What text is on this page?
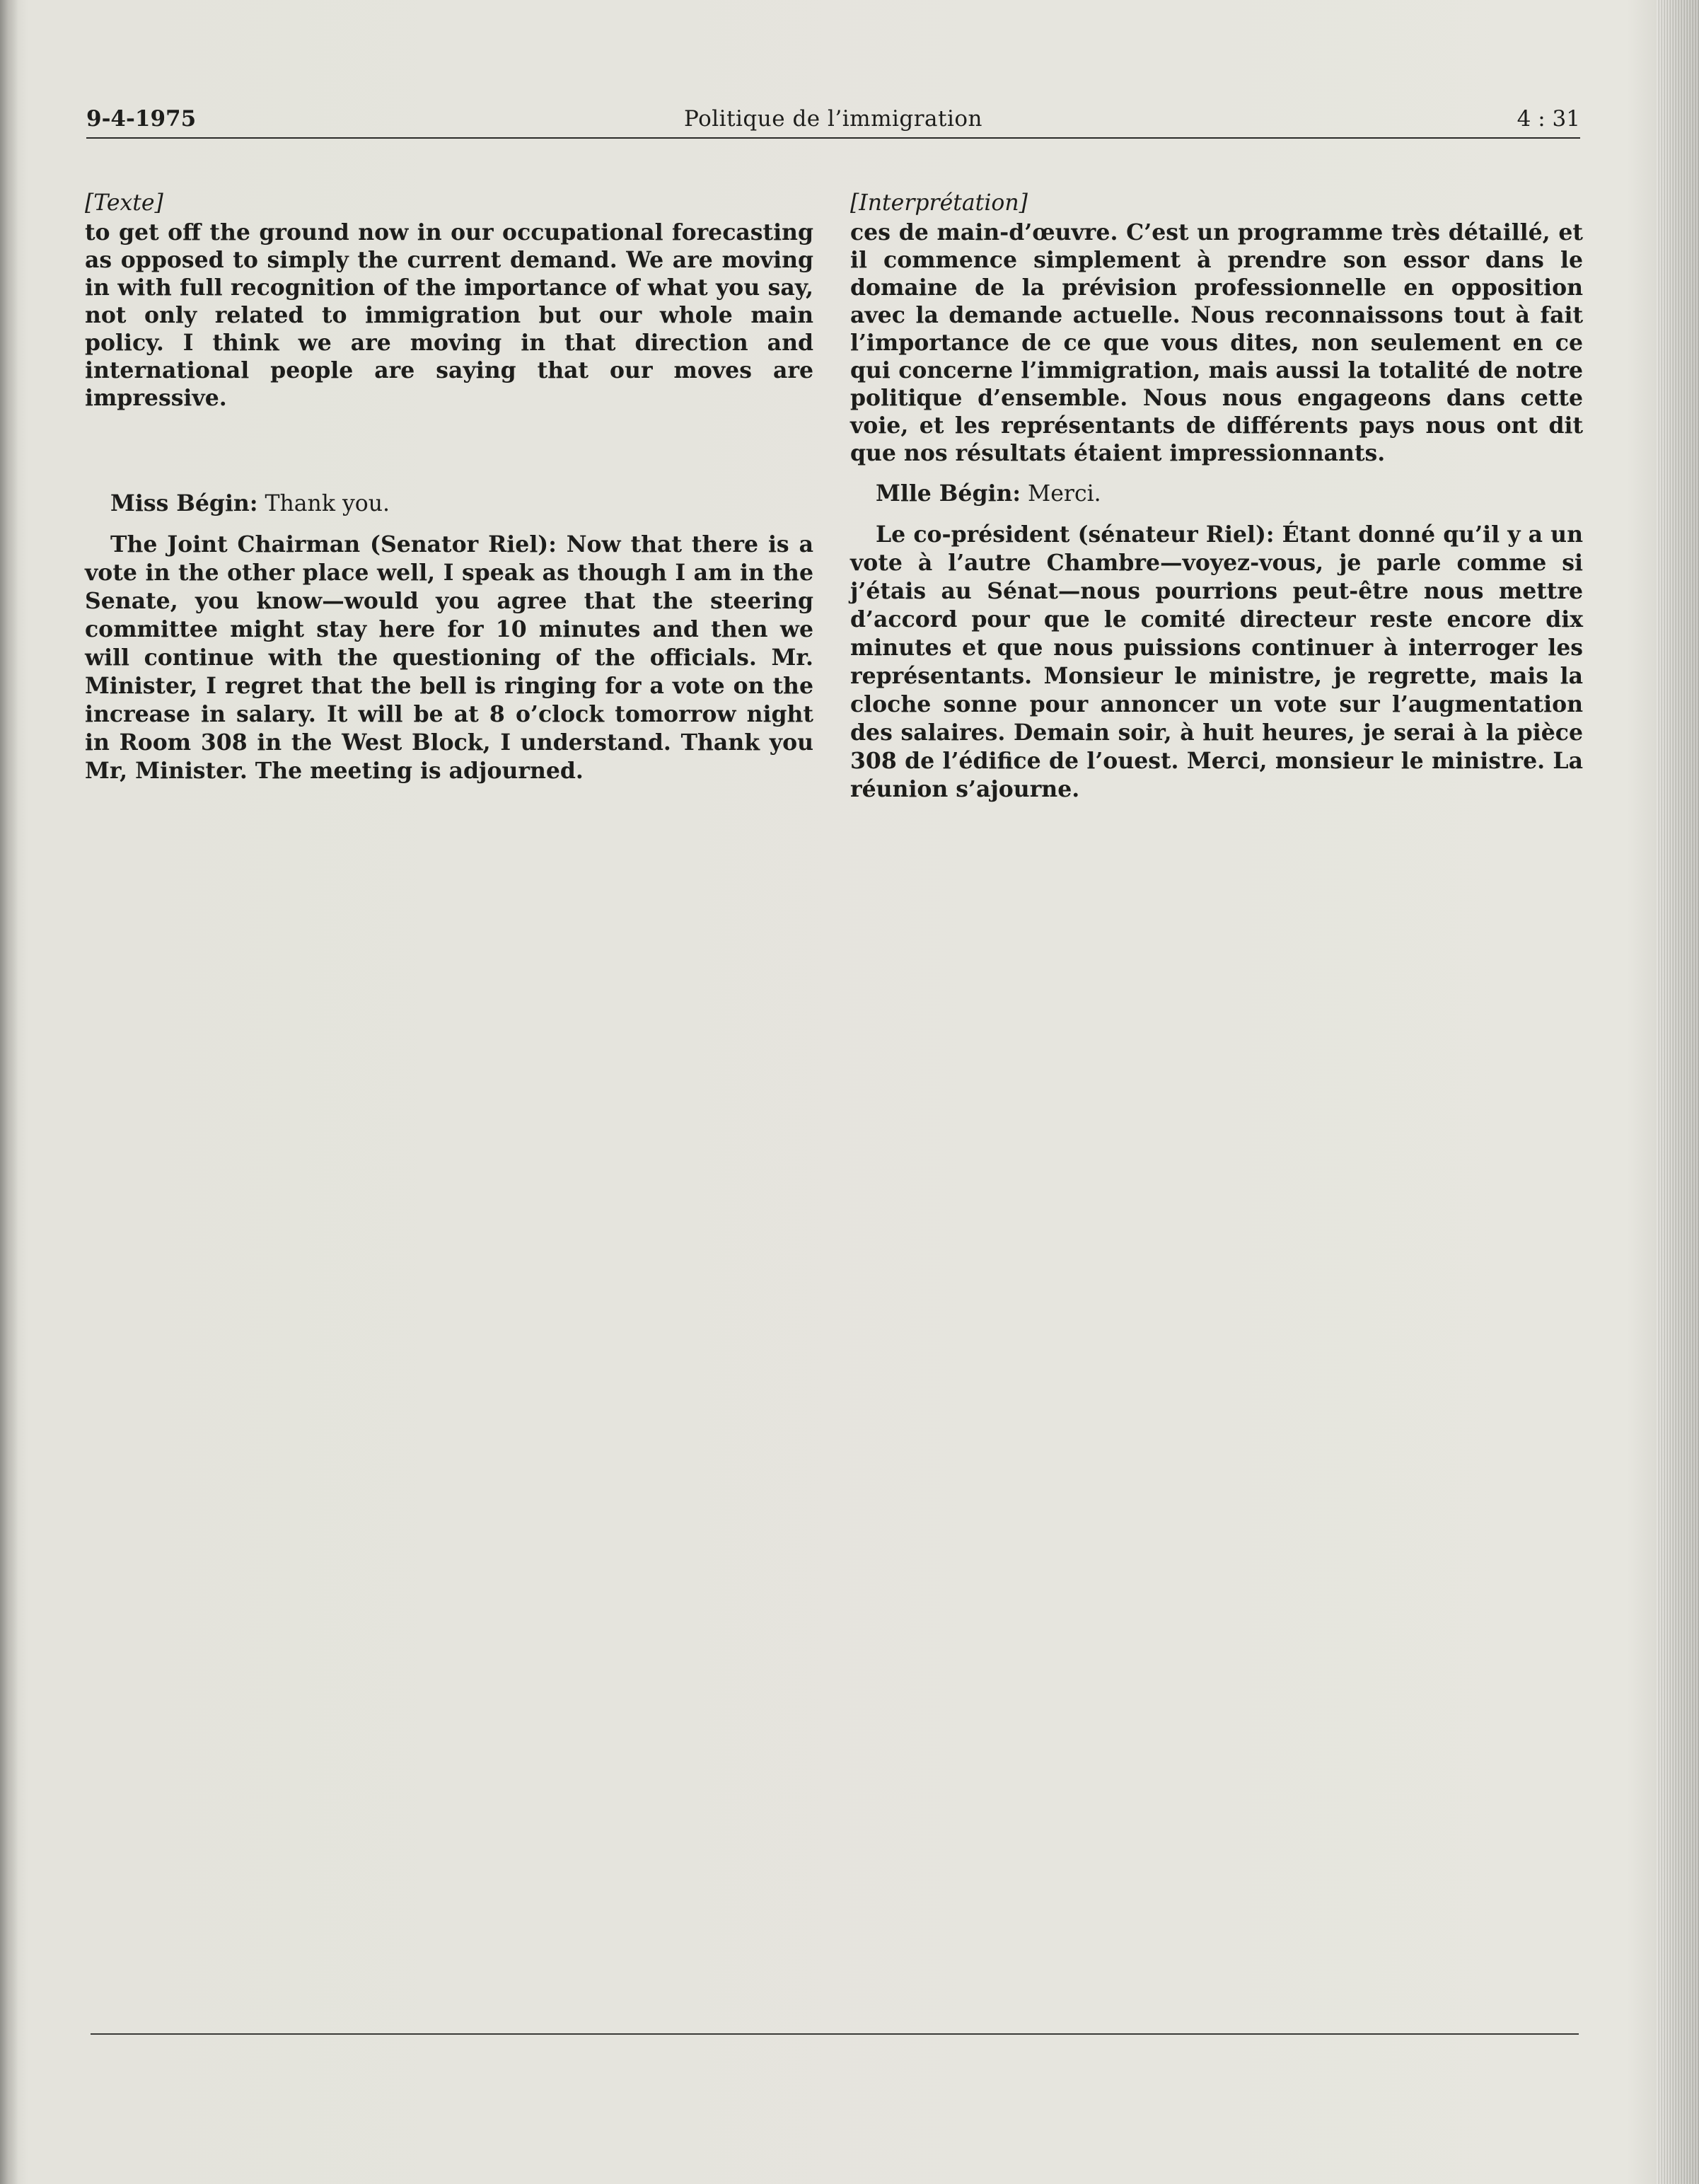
9-4-1975	Politique de l’immigration	4 : 31

[Texte]

to get off the ground now in our occupational forecasting as opposed to simply the current demand. We are moving in with full recognition of the importance of what you say, not only related to immigration but our whole main policy. I think we are moving in that direction and international people are saying that our moves are impressive.

Miss Bégin: Thank you.

The Joint Chairman (Senator Riel): Now that there is a vote in the other place well, I speak as though I am in the Senate, you know—would you agree that the steering committee might stay here for 10 minutes and then we will continue with the questioning of the officials. Mr. Minister, I regret that the bell is ringing for a vote on the increase in salary. It will be at 8 o’clock tomorrow night in Room 308 in the West Block, I understand. Thank you Mr, Minister. The meeting is adjourned.

[Interprétation]

ces de main-d’œuvre. C’est un programme très détaillé, et il commence simplement à prendre son essor dans le domaine de la prévision professionnelle en opposition avec la demande actuelle. Nous reconnaissons tout à fait l’importance de ce que vous dites, non seulement en ce qui concerne l’immigration, mais aussi la totalité de notre politique d’ensemble. Nous nous engageons dans cette voie, et les représentants de différents pays nous ont dit que nos résultats étaient impressionnants.

Mlle Bégin: Merci.

Le co-président (sénateur Riel): Étant donné qu’il y a un vote à l’autre Chambre—voyez-vous, je parle comme si j’étais au Sénat—nous pourrions peut-être nous mettre d’accord pour que le comité directeur reste encore dix minutes et que nous puissions continuer à interroger les représentants. Monsieur le ministre, je regrette, mais la cloche sonne pour annoncer un vote sur l’augmentation des salaires. Demain soir, à huit heures, je serai à la pièce 308 de l’édifice de l’ouest. Merci, monsieur le ministre. La réunion s’ajourne.
